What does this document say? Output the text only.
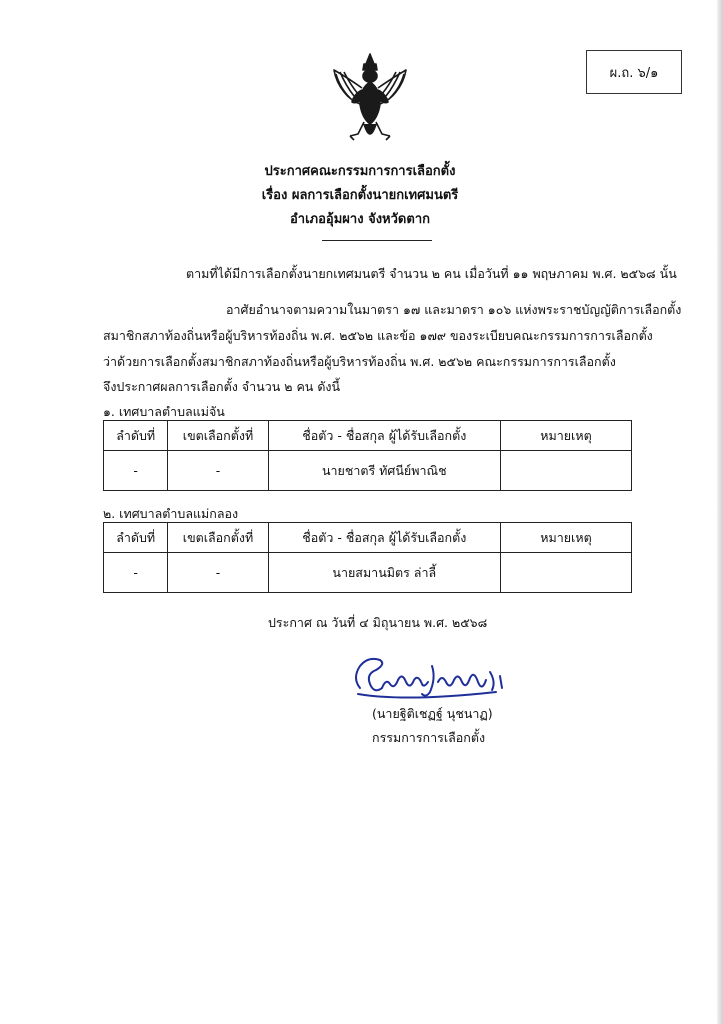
ผ.ถ. ๖/๑
ประกาศคณะกรรมการการเลือกตั้ง
เรื่อง ผลการเลือกตั้งนายกเทศมนตรี
อำเภออุ้มผาง จังหวัดตาก
ตามที่ได้มีการเลือกตั้งนายกเทศมนตรี จำนวน ๒ คน เมื่อวันที่ ๑๑ พฤษภาคม พ.ศ. ๒๕๖๘ นั้น
อาศัยอำนาจตามความในมาตรา ๑๗ และมาตรา ๑๐๖ แห่งพระราชบัญญัติการเลือกตั้ง
สมาชิกสภาท้องถิ่นหรือผู้บริหารท้องถิ่น พ.ศ. ๒๕๖๒ และข้อ ๑๗๙ ของระเบียบคณะกรรมการการเลือกตั้ง
ว่าด้วยการเลือกตั้งสมาชิกสภาท้องถิ่นหรือผู้บริหารท้องถิ่น พ.ศ. ๒๕๖๒ คณะกรรมการการเลือกตั้ง
จึงประกาศผลการเลือกตั้ง จำนวน ๒ คน ดังนี้
๑. เทศบาลตำบลแม่จัน
ลำดับที่	เขตเลือกตั้งที่	ชื่อตัว - ชื่อสกุล ผู้ได้รับเลือกตั้ง	หมายเหตุ
-	-	นายชาตรี ทัศนีย์พาณิช	
๒. เทศบาลตำบลแม่กลอง
ลำดับที่	เขตเลือกตั้งที่	ชื่อตัว - ชื่อสกุล ผู้ได้รับเลือกตั้ง	หมายเหตุ
-	-	นายสมานมิตร ล่าลี้	
ประกาศ ณ วันที่ ๔ มิถุนายน พ.ศ. ๒๕๖๘
(นายฐิติเชฏฐ์ นุชนาฏ)
กรรมการการเลือกตั้ง
